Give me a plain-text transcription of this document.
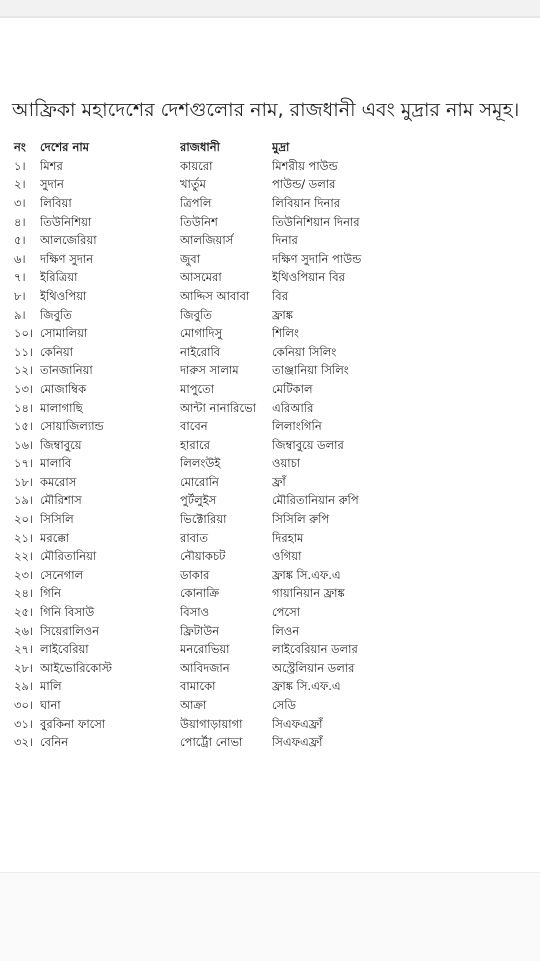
আফ্রিকা মহাদেশের দেশগুলোর নাম, রাজধানী এবং মুদ্রার নাম সমূহ।
নং	দেশের নাম	রাজধানী	মুদ্রা
১।	মিশর	কায়রো	মিশরীয় পাউন্ড
২।	সুদান	খার্তুম	পাউন্ড/ ডলার
৩।	লিবিয়া	ত্রিপলি	লিবিয়ান দিনার
৪।	তিউনিশিয়া	তিউনিশ	তিউনিশিয়ান দিনার
৫।	আলজেরিয়া	আলজিয়ার্স	দিনার
৬।	দক্ষিণ সুদান	জুবা	দক্ষিণ সুদানি পাউন্ড
৭।	ইরিত্রিয়া	আসমেরা	ইথিওপিয়ান বির
৮।	ইথিওপিয়া	আদ্দিস আবাবা	বির
৯।	জিবুতি	জিবুতি	ফ্রাঙ্ক
১০। সোমালিয়া	মোগাদিসু	শিলিং
১১। কেনিয়া	নাইরোবি	কেনিয়া সিলিং
১২। তানজানিয়া	দারুস সালাম	তাঞ্জানিয়া সিলিং
১৩। মোজাম্বিক	মাপুতো	মেটিকাল
১৪। মালাগাছি	আন্টা নানারিভো	এরিআরি
১৫। সোয়াজিল্যান্ড	বাবেন	লিলাংগিনি
১৬। জিম্বাবুয়ে	হারারে	জিম্বাবুয়ে ডলার
১৭। মালাবি	লিলংউই	ওয়াচা
১৮। কমরোস	মোরোনি	ফ্রাঁ
১৯। মৌরিশাস	পুর্টলুইস	মৌরিতানিয়ান রুপি
২০। সিসিলি	ভিক্টোরিয়া	সিসিলি রুপি
২১। মরক্কো	রাবাত	দিরহাম
২২। মৌরিতানিয়া	নৌয়াকচট	ওগিয়া
২৩। সেনেগাল	ডাকার	ফ্রাঙ্ক সি.এফ.এ
২৪। গিনি	কোনাক্রি	গায়ানিয়ান ফ্রাঙ্ক
২৫। গিনি বিসাউ	বিসাও	পেসো
২৬। সিয়েরালিওন	ফ্রিটাউন	লিওন
২৭। লাইবেরিয়া	মনরোভিয়া	লাইবেরিয়ান ডলার
২৮। আইভোরিকোস্ট	আবিদজান	অস্ট্রেলিয়ান ডলার
২৯। মালি	বামাকো	ফ্রাঙ্ক সি.এফ.এ
৩০। ঘানা	আক্রা	সেডি
৩১। বুরকিনা ফাসো	উয়াগাড়ায়াগা	সিএফএফ্রাঁ
৩২। বেনিন	পোর্ট্রো নোভা	সিএফএফ্রাঁ
